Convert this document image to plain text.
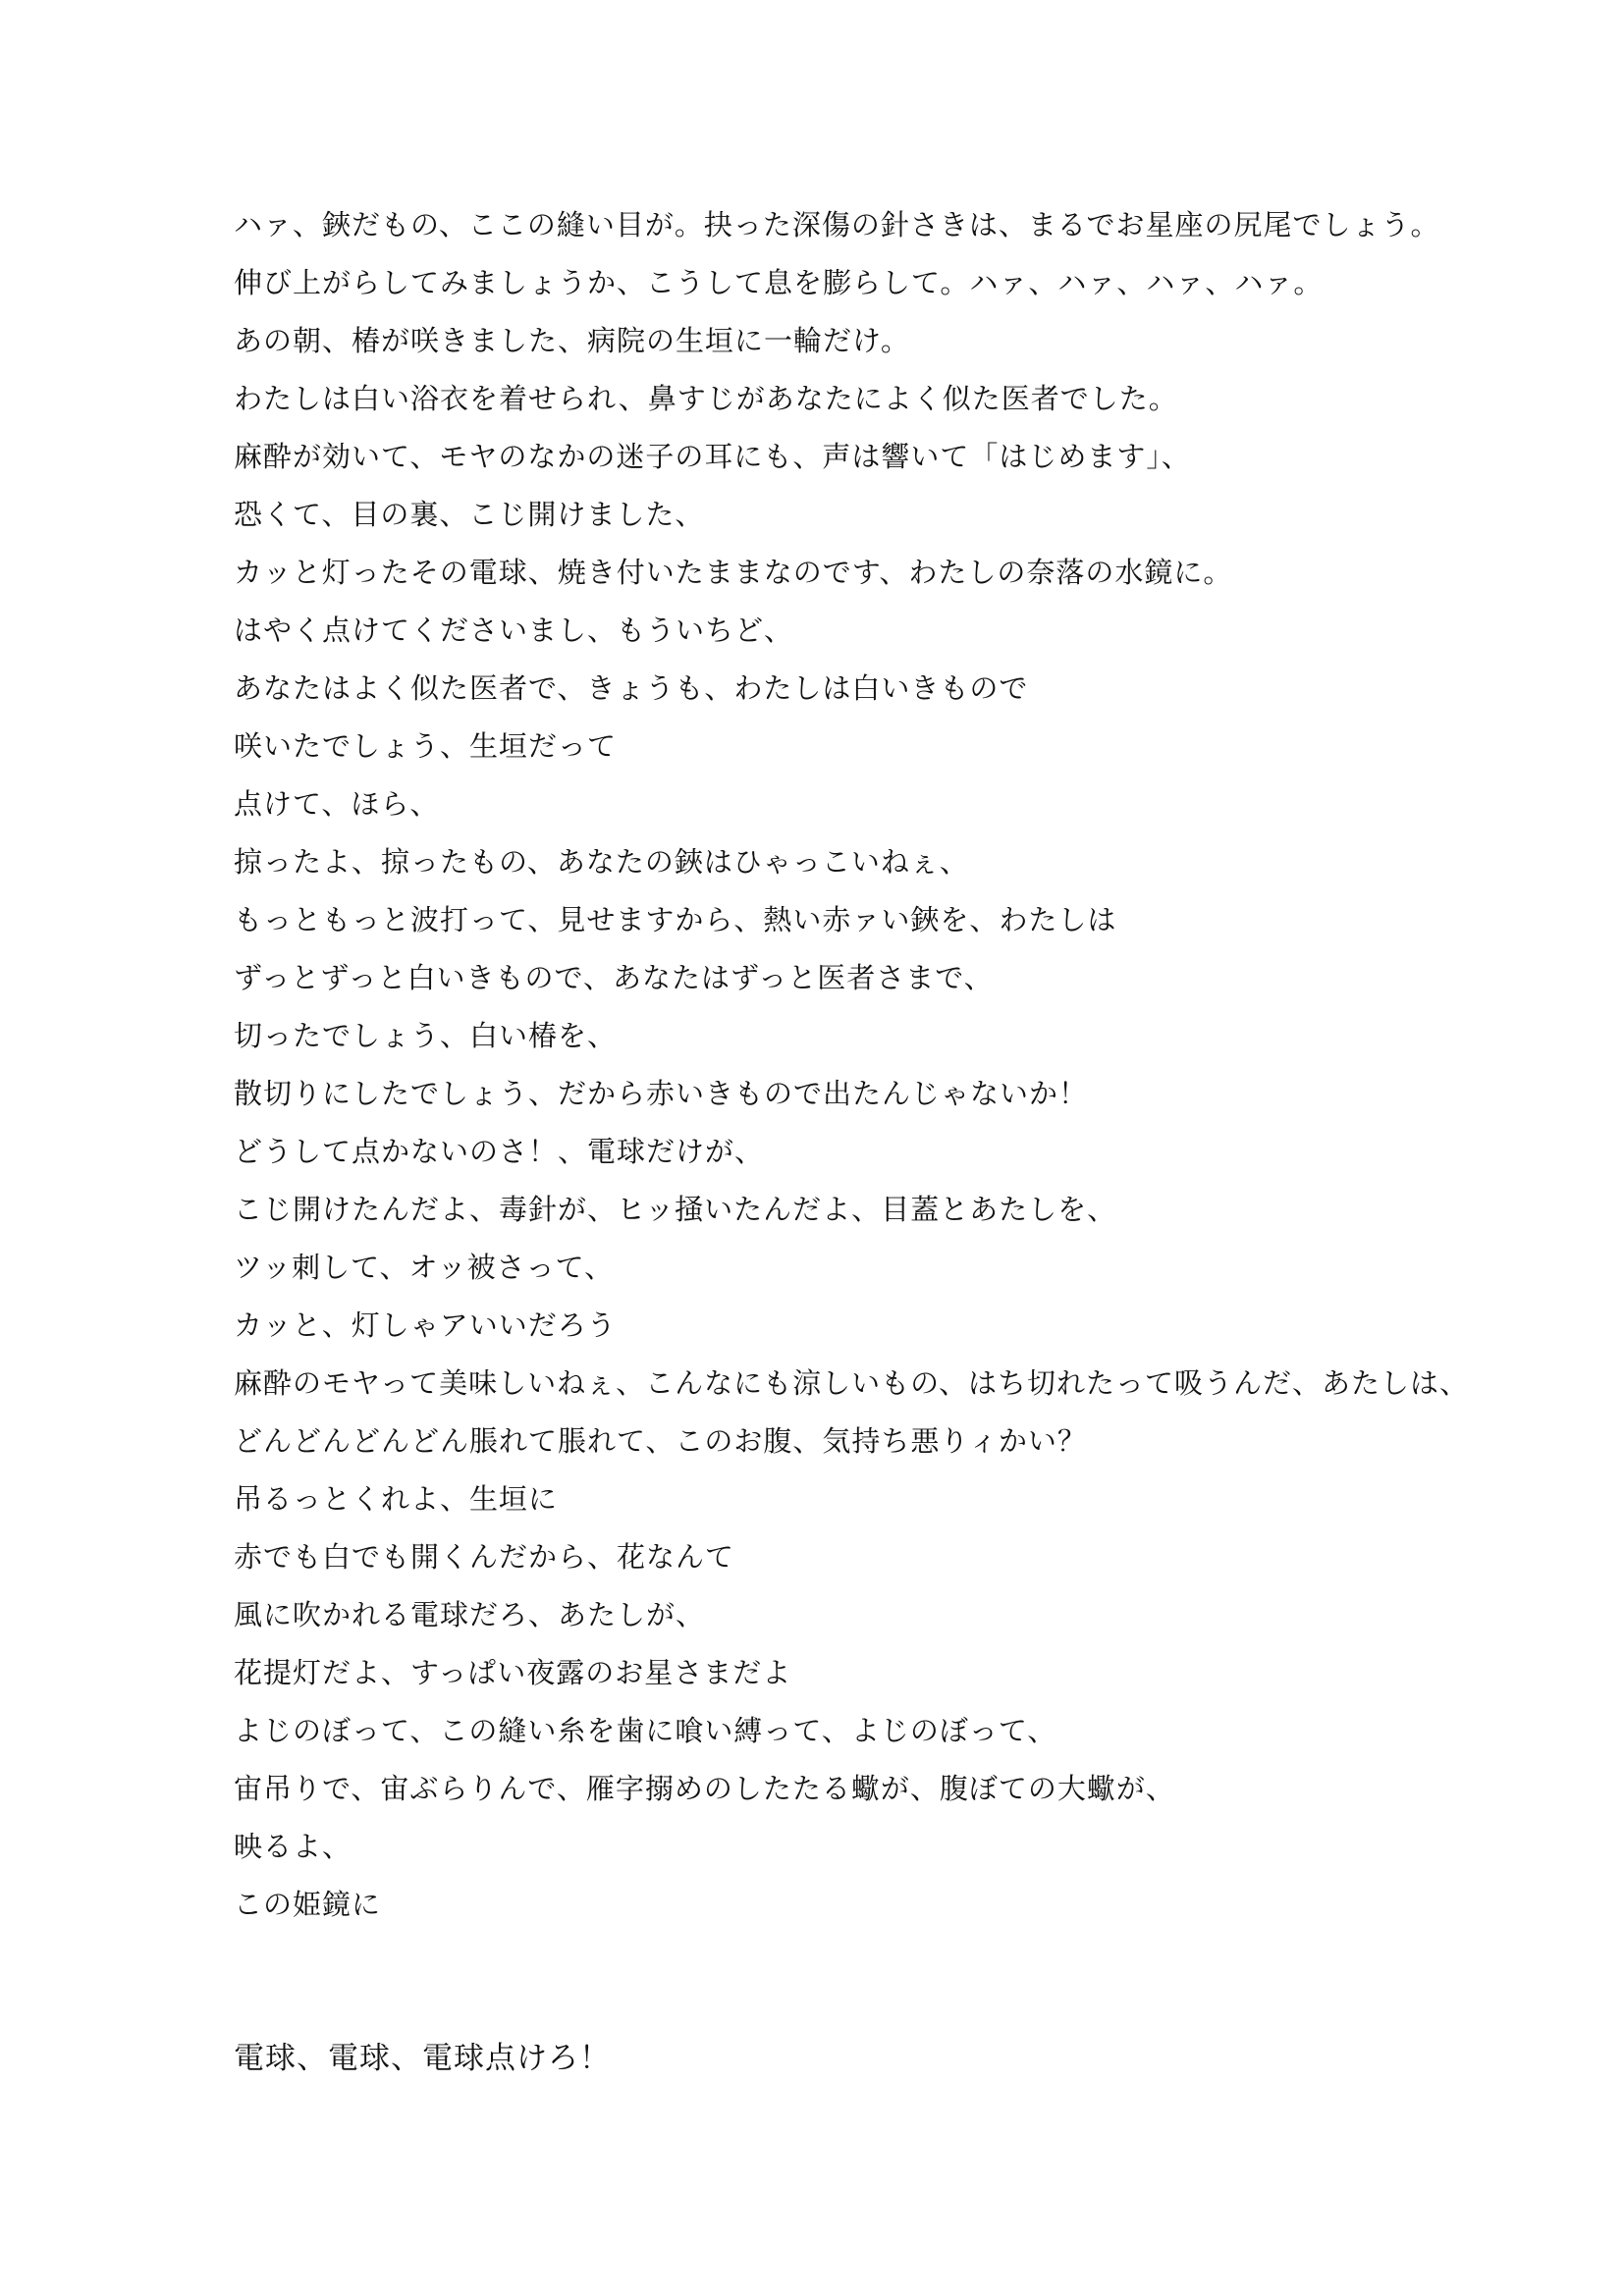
ハァ、鋏だもの、ここの縫い目が。抉った深傷の針さきは、まるでお星座の尻尾でしょう。
伸び上がらしてみましょうか、こうして息を膨らして。ハァ、ハァ、ハァ、ハァ。
あの朝、椿が咲きました、病院の生垣に一輪だけ。
わたしは白い浴衣を着せられ、鼻すじがあなたによく似た医者でした。
麻酔が効いて、モヤのなかの迷子の耳にも、声は響いて「はじめます」、
恐くて、目の裏、こじ開けました、
カッと灯ったその電球、焼き付いたままなのです、わたしの奈落の水鏡に。
はやく点けてくださいまし、もういちど、
あなたはよく似た医者で、きょうも、わたしは白いきもので
咲いたでしょう、生垣だって
点けて、ほら、
掠ったよ、掠ったもの、あなたの鋏はひゃっこいねぇ、
もっともっと波打って、見せますから、熱い赤ァい鋏を、わたしは
ずっとずっと白いきもので、あなたはずっと医者さまで、
切ったでしょう、白い椿を、
散切りにしたでしょう、だから赤いきもので出たんじゃないか！
どうして点かないのさ！、電球だけが、
こじ開けたんだよ、毒針が、ヒッ掻いたんだよ、目蓋とあたしを、
ツッ刺して、オッ被さって、
カッと、灯しゃアいいだろう
麻酔のモヤって美味しいねぇ、こんなにも涼しいもの、はち切れたって吸うんだ、あたしは、
どんどんどんどん脹れて脹れて、このお腹、気持ち悪りィかい？
吊るっとくれよ、生垣に
赤でも白でも開くんだから、花なんて
風に吹かれる電球だろ、あたしが、
花提灯だよ、すっぱい夜露のお星さまだよ
よじのぼって、この縫い糸を歯に喰い縛って、よじのぼって、
宙吊りで、宙ぶらりんで、雁字搦めのしたたる蠍が、腹ぼての大蠍が、
映るよ、
この姫鏡に
電球、電球、電球点けろ！
